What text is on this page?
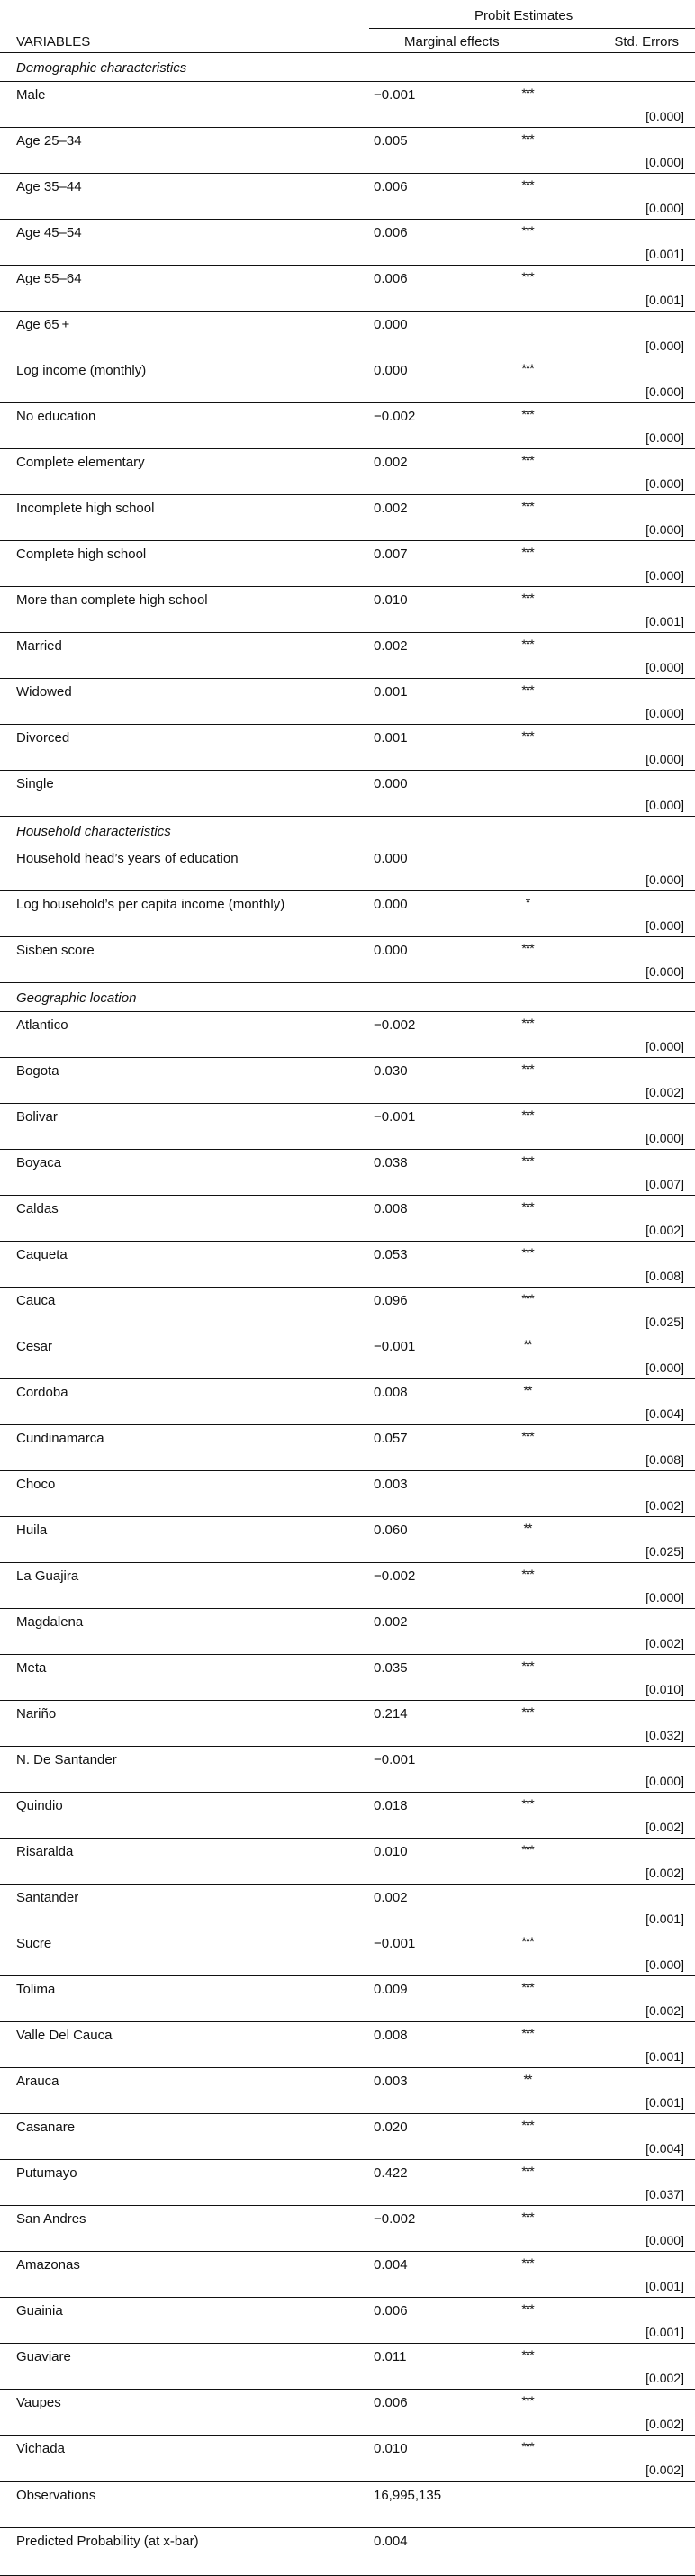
Probit Estimates
VARIABLES	Marginal effects	Std. Errors
Demographic characteristics
Male	−0.001	***
[0.000]
Age 25–34	0.005	***
[0.000]
Age 35–44	0.006	***
[0.000]
Age 45–54	0.006	***
[0.001]
Age 55–64	0.006	***
[0.001]
Age 65 +	0.000
[0.000]
Log income (monthly)	0.000	***
[0.000]
No education	−0.002	***
[0.000]
Complete elementary	0.002	***
[0.000]
Incomplete high school	0.002	***
[0.000]
Complete high school	0.007	***
[0.000]
More than complete high school	0.010	***
[0.001]
Married	0.002	***
[0.000]
Widowed	0.001	***
[0.000]
Divorced	0.001	***
[0.000]
Single	0.000
[0.000]
Household characteristics
Household head’s years of education	0.000
[0.000]
Log household’s per capita income (monthly)	0.000	*
[0.000]
Sisben score	0.000	***
[0.000]
Geographic location
Atlantico	−0.002	***
[0.000]
Bogota	0.030	***
[0.002]
Bolivar	−0.001	***
[0.000]
Boyaca	0.038	***
[0.007]
Caldas	0.008	***
[0.002]
Caqueta	0.053	***
[0.008]
Cauca	0.096	***
[0.025]
Cesar	−0.001	**
[0.000]
Cordoba	0.008	**
[0.004]
Cundinamarca	0.057	***
[0.008]
Choco	0.003
[0.002]
Huila	0.060	**
[0.025]
La Guajira	−0.002	***
[0.000]
Magdalena	0.002
[0.002]
Meta	0.035	***
[0.010]
Nariño	0.214	***
[0.032]
N. De Santander	−0.001
[0.000]
Quindio	0.018	***
[0.002]
Risaralda	0.010	***
[0.002]
Santander	0.002
[0.001]
Sucre	−0.001	***
[0.000]
Tolima	0.009	***
[0.002]
Valle Del Cauca	0.008	***
[0.001]
Arauca	0.003	**
[0.001]
Casanare	0.020	***
[0.004]
Putumayo	0.422	***
[0.037]
San Andres	−0.002	***
[0.000]
Amazonas	0.004	***
[0.001]
Guainia	0.006	***
[0.001]
Guaviare	0.011	***
[0.002]
Vaupes	0.006	***
[0.002]
Vichada	0.010	***
[0.002]
Observations	16,995,135
Predicted Probability (at x-bar)	0.004
